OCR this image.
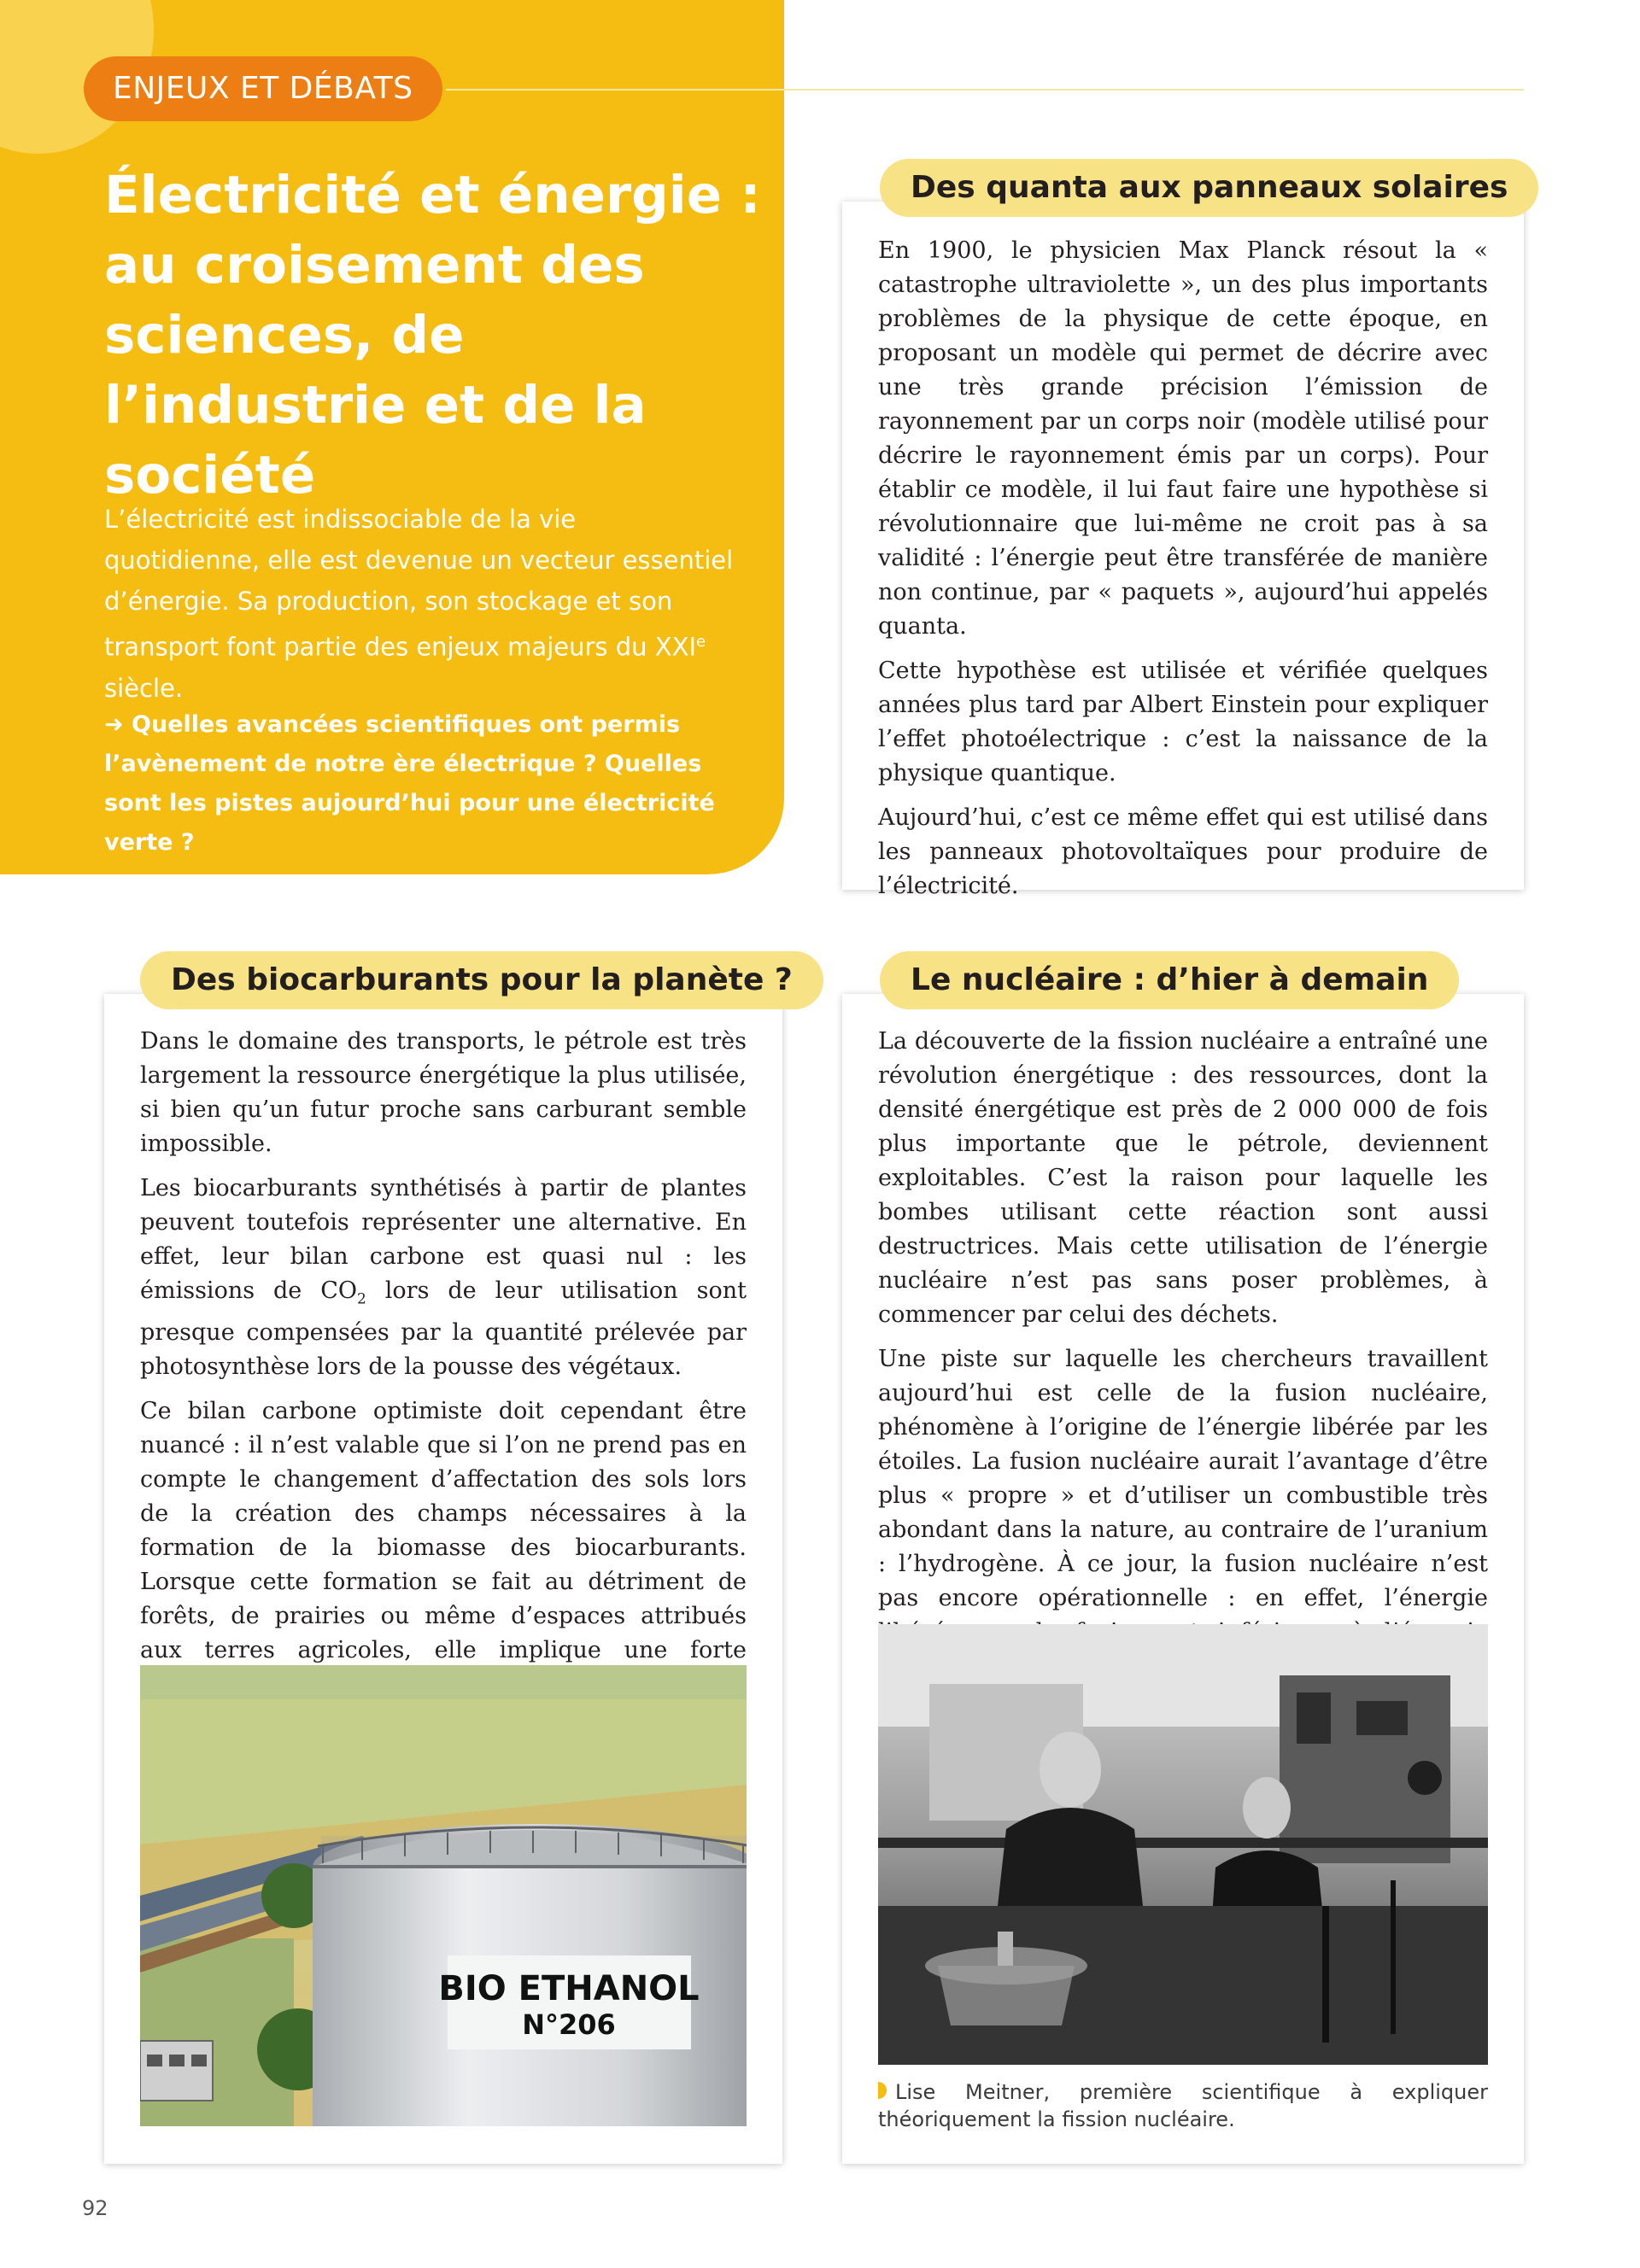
ENJEUX ET DÉBATS
Électricité et énergie : au croisement des sciences, de l’industrie et de la société

L’électricité est indissociable de la vie quotidienne, elle est devenue un vecteur essentiel d’énergie. Sa production, son stockage et son transport font partie des enjeux majeurs du XXIe siècle.

➜ Quelles avancées scientifiques ont permis l’avènement de notre ère électrique ? Quelles sont les pistes aujourd’hui pour une électricité verte ?

Des quanta aux panneaux solaires

En 1900, le physicien Max Planck résout la « catastrophe ultraviolette », un des plus importants problèmes de la physique de cette époque, en proposant un modèle qui permet de décrire avec une très grande précision l’émission de rayonnement par un corps noir (modèle utilisé pour décrire le rayonnement émis par un corps). Pour établir ce modèle, il lui faut faire une hypothèse si révolutionnaire que lui-même ne croit pas à sa validité : l’énergie peut être transférée de manière non continue, par « paquets », aujourd’hui appelés quanta.

Cette hypothèse est utilisée et vérifiée quelques années plus tard par Albert Einstein pour expliquer l’effet photoélectrique : c’est la naissance de la physique quantique.

Aujourd’hui, c’est ce même effet qui est utilisé dans les panneaux photovoltaïques pour produire de l’électricité.

Des biocarburants pour la planète ?

Dans le domaine des transports, le pétrole est très largement la ressource énergétique la plus utilisée, si bien qu’un futur proche sans carburant semble impossible.

Les biocarburants synthétisés à partir de plantes peuvent toutefois représenter une alternative. En effet, leur bilan carbone est quasi nul : les émissions de $CO_2$ lors de leur utilisation sont presque compensées par la quantité prélevée par photosynthèse lors de la pousse des végétaux.

Ce bilan carbone optimiste doit cependant être nuancé : il n’est valable que si l’on ne prend pas en compte le changement d’affectation des sols lors de la création des champs nécessaires à la formation de la biomasse des biocarburants. Lorsque cette formation se fait au détriment de forêts, de prairies ou même d’espaces attribués aux terres agricoles, elle implique une forte

BIO ETHANOL
N°206
Le nucléaire : d’hier à demain

La découverte de la fission nucléaire a entraîné une révolution énergétique : des ressources, dont la densité énergétique est près de 2 000 000 de fois plus importante que le pétrole, deviennent exploitables. C’est la raison pour laquelle les bombes utilisant cette réaction sont aussi destructrices. Mais cette utilisation de l’énergie nucléaire n’est pas sans poser problèmes, à commencer par celui des déchets.

Une piste sur laquelle les chercheurs travaillent aujourd’hui est celle de la fusion nucléaire, phénomène à l’origine de l’énergie libérée par les étoiles. La fusion nucléaire aurait l’avantage d’être plus « propre » et d’utiliser un combustible très abondant dans la nature, au contraire de l’uranium : l’hydrogène. À ce jour, la fusion nucléaire n’est pas encore opérationnelle : en effet, l’énergie

Lise Meitner, première scientifique à expliquer théoriquement la fission nucléaire.
92
